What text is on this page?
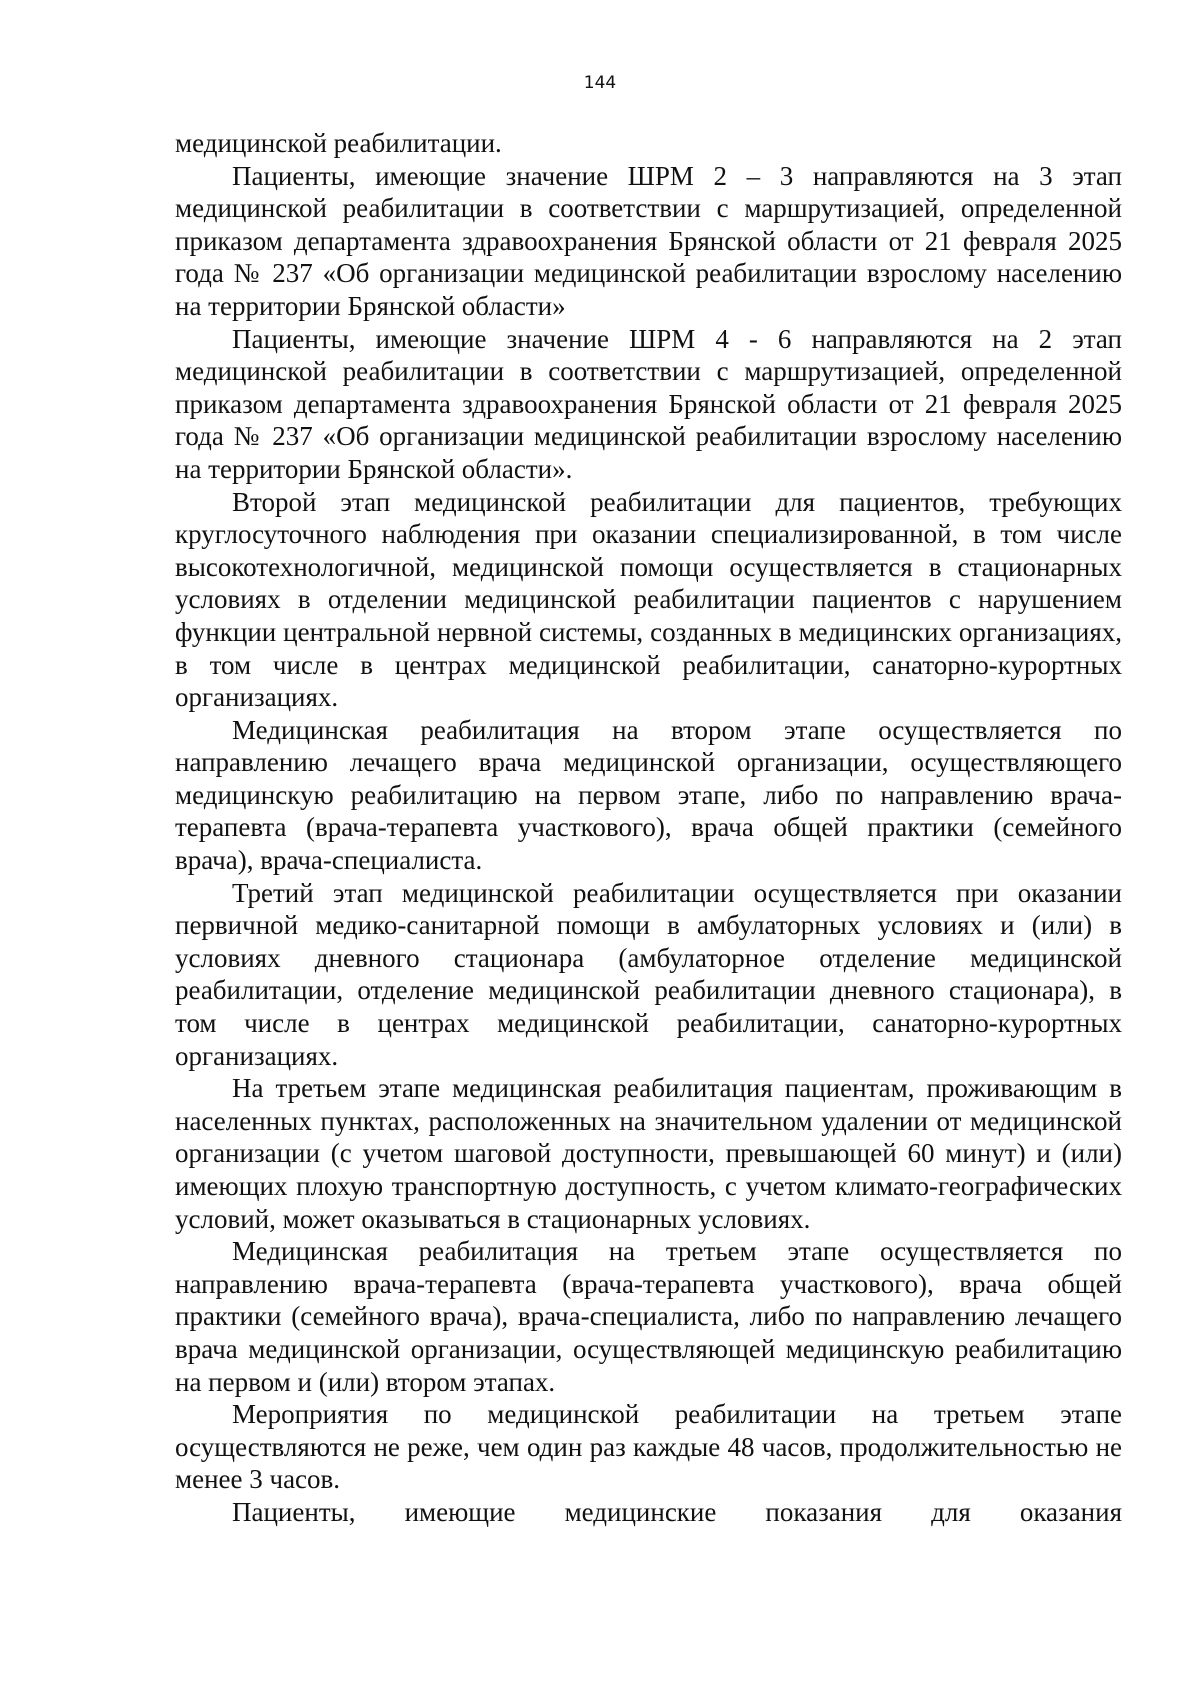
144

медицинской реабилитации.

Пациенты, имеющие значение ШРМ 2 – 3 направляются на 3 этап медицинской реабилитации в соответствии с маршрутизацией, определенной приказом департамента здравоохранения Брянской области от 21 февраля 2025 года № 237 «Об организации медицинской реабилитации взрослому населению на территории Брянской области»

Пациенты, имеющие значение ШРМ 4 - 6 направляются на 2 этап медицинской реабилитации в соответствии с маршрутизацией, определенной приказом департамента здравоохранения Брянской области от 21 февраля 2025 года № 237 «Об организации медицинской реабилитации взрослому населению на территории Брянской области».

Второй этап медицинской реабилитации для пациентов, требующих круглосуточного наблюдения при оказании специализированной, в том числе высокотехнологичной, медицинской помощи осуществляется в стационарных условиях в отделении медицинской реабилитации пациентов с нарушением функции центральной нервной системы, созданных в медицинских организациях, в том числе в центрах медицинской реабилитации, санаторно-курортных организациях.

Медицинская реабилитация на втором этапе осуществляется по направлению лечащего врача медицинской организации, осуществляющего медицинскую реабилитацию на первом этапе, либо по направлению врача-терапевта (врача-терапевта участкового), врача общей практики (семейного врача), врача-специалиста.

Третий этап медицинской реабилитации осуществляется при оказании первичной медико-санитарной помощи в амбулаторных условиях и (или) в условиях дневного стационара (амбулаторное отделение медицинской реабилитации, отделение медицинской реабилитации дневного стационара), в том числе в центрах медицинской реабилитации, санаторно-курортных организациях.

На третьем этапе медицинская реабилитация пациентам, проживающим в населенных пунктах, расположенных на значительном удалении от медицинской организации (с учетом шаговой доступности, превышающей 60 минут) и (или) имеющих плохую транспортную доступность, с учетом климато-географических условий, может оказываться в стационарных условиях.

Медицинская реабилитация на третьем этапе осуществляется по направлению врача-терапевта (врача-терапевта участкового), врача общей практики (семейного врача), врача-специалиста, либо по направлению лечащего врача медицинской организации, осуществляющей медицинскую реабилитацию на первом и (или) втором этапах.

Мероприятия по медицинской реабилитации на третьем этапе осуществляются не реже, чем один раз каждые 48 часов, продолжительностью не менее 3 часов.

Пациенты, имеющие медицинские показания для оказания
